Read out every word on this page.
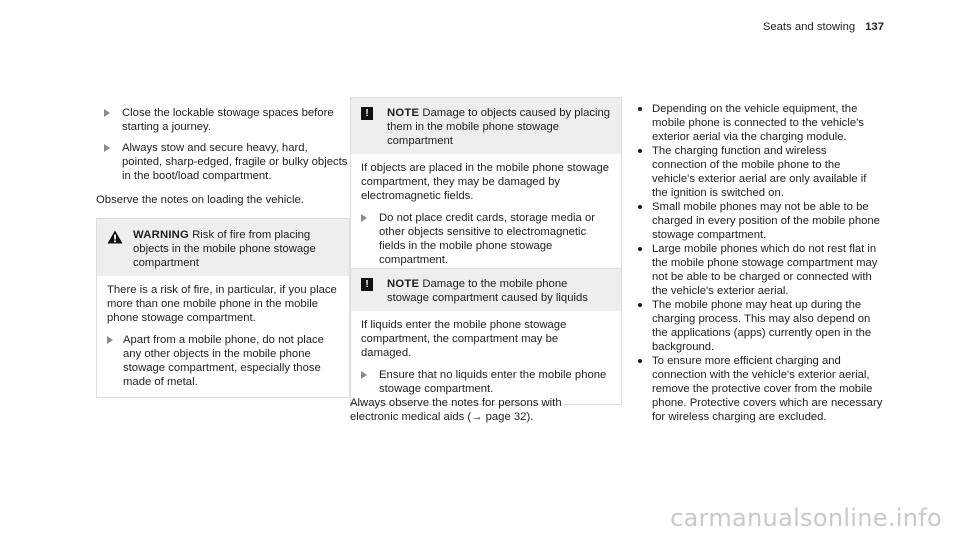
Seats and stowing 137

Close the lockable stowage spaces before starting a journey.

Always stow and secure heavy, hard, pointed, sharp-edged, fragile or bulky objects in the boot/load compartment.

Observe the notes on loading the vehicle.

WARNING Risk of fire from placing objects in the mobile phone stowage compartment

There is a risk of fire, in particular, if you place more than one mobile phone in the mobile phone stowage compartment.

Apart from a mobile phone, do not place any other objects in the mobile phone stowage compartment, especially those made of metal.

!	NOTE Damage to objects caused by placing them in the mobile phone stowage compartment

If objects are placed in the mobile phone stowage compartment, they may be damaged by electromagnetic fields.

Do not place credit cards, storage media or other objects sensitive to electromagnetic fields in the mobile phone stowage compartment.

!	NOTE Damage to the mobile phone stowage compartment caused by liquids

If liquids enter the mobile phone stowage compartment, the compartment may be damaged.

Ensure that no liquids enter the mobile phone stowage compartment.

Always observe the notes for persons with electronic medical aids (→ page 32).

Depending on the vehicle equipment, the mobile phone is connected to the vehicle's exterior aerial via the charging module.
The charging function and wireless connection of the mobile phone to the vehicle's exterior aerial are only available if the ignition is switched on.
Small mobile phones may not be able to be charged in every position of the mobile phone stowage compartment.
Large mobile phones which do not rest flat in the mobile phone stowage compartment may not be able to be charged or connected with the vehicle's exterior aerial.
The mobile phone may heat up during the charging process. This may also depend on the applications (apps) currently open in the background.
To ensure more efficient charging and connection with the vehicle's exterior aerial, remove the protective cover from the mobile phone. Protective covers which are necessary for wireless charging are excluded.
carmanualsonline.info
